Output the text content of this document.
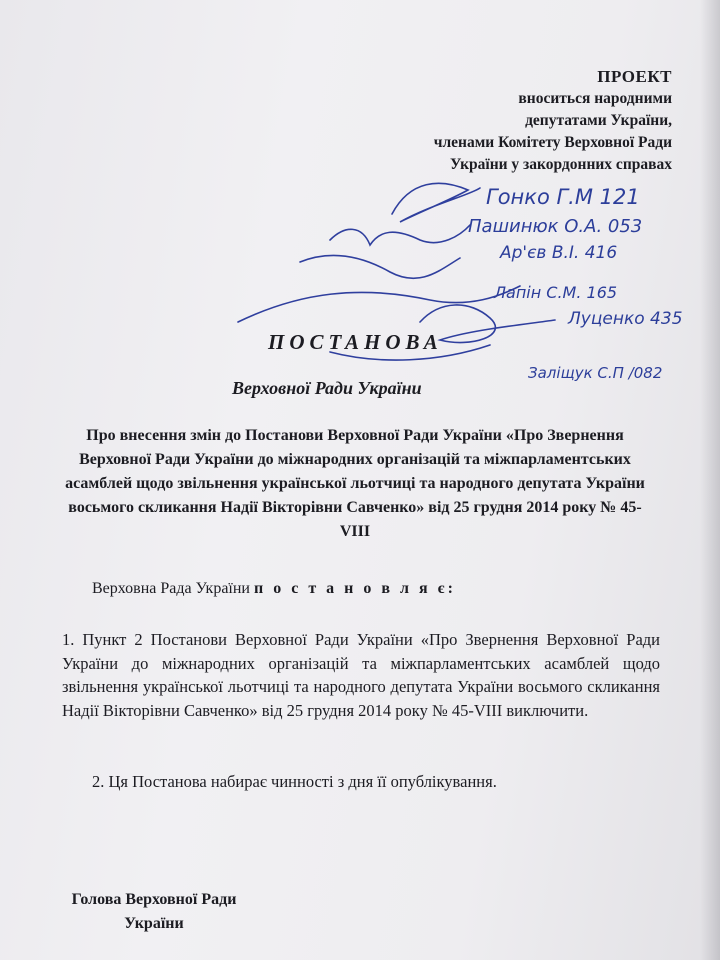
ПРОЕКТ
вноситься народними
депутатами України,
членами Комітету Верховної Ради
України у закордонних справах
Гонко Г.М 121
Пашинюк О.А. 053
Ар'єв В.І. 416
Лапін С.М. 165
Луценко 435
Заліщук С.П /082
ПОСТАНОВА
Верховної Ради України
Про внесення змін до Постанови Верховної Ради України «Про Звернення Верховної Ради України до міжнародних організацій та міжпарламентських асамблей щодо звільнення української льотчиці та народного депутата України восьмого скликання Надії Вікторівни Савченко» від 25 грудня 2014 року № 45-VIII
Верховна Рада України п о с т а н о в л я є:
1. Пункт 2 Постанови Верховної Ради України «Про Звернення Верховної Ради України до міжнародних організацій та міжпарламентських асамблей щодо звільнення української льотчиці та народного депутата України восьмого скликання Надії Вікторівни Савченко» від 25 грудня 2014 року № 45-VIII виключити.
2. Ця Постанова набирає чинності з дня її опублікування.
Голова Верховної Ради
України
